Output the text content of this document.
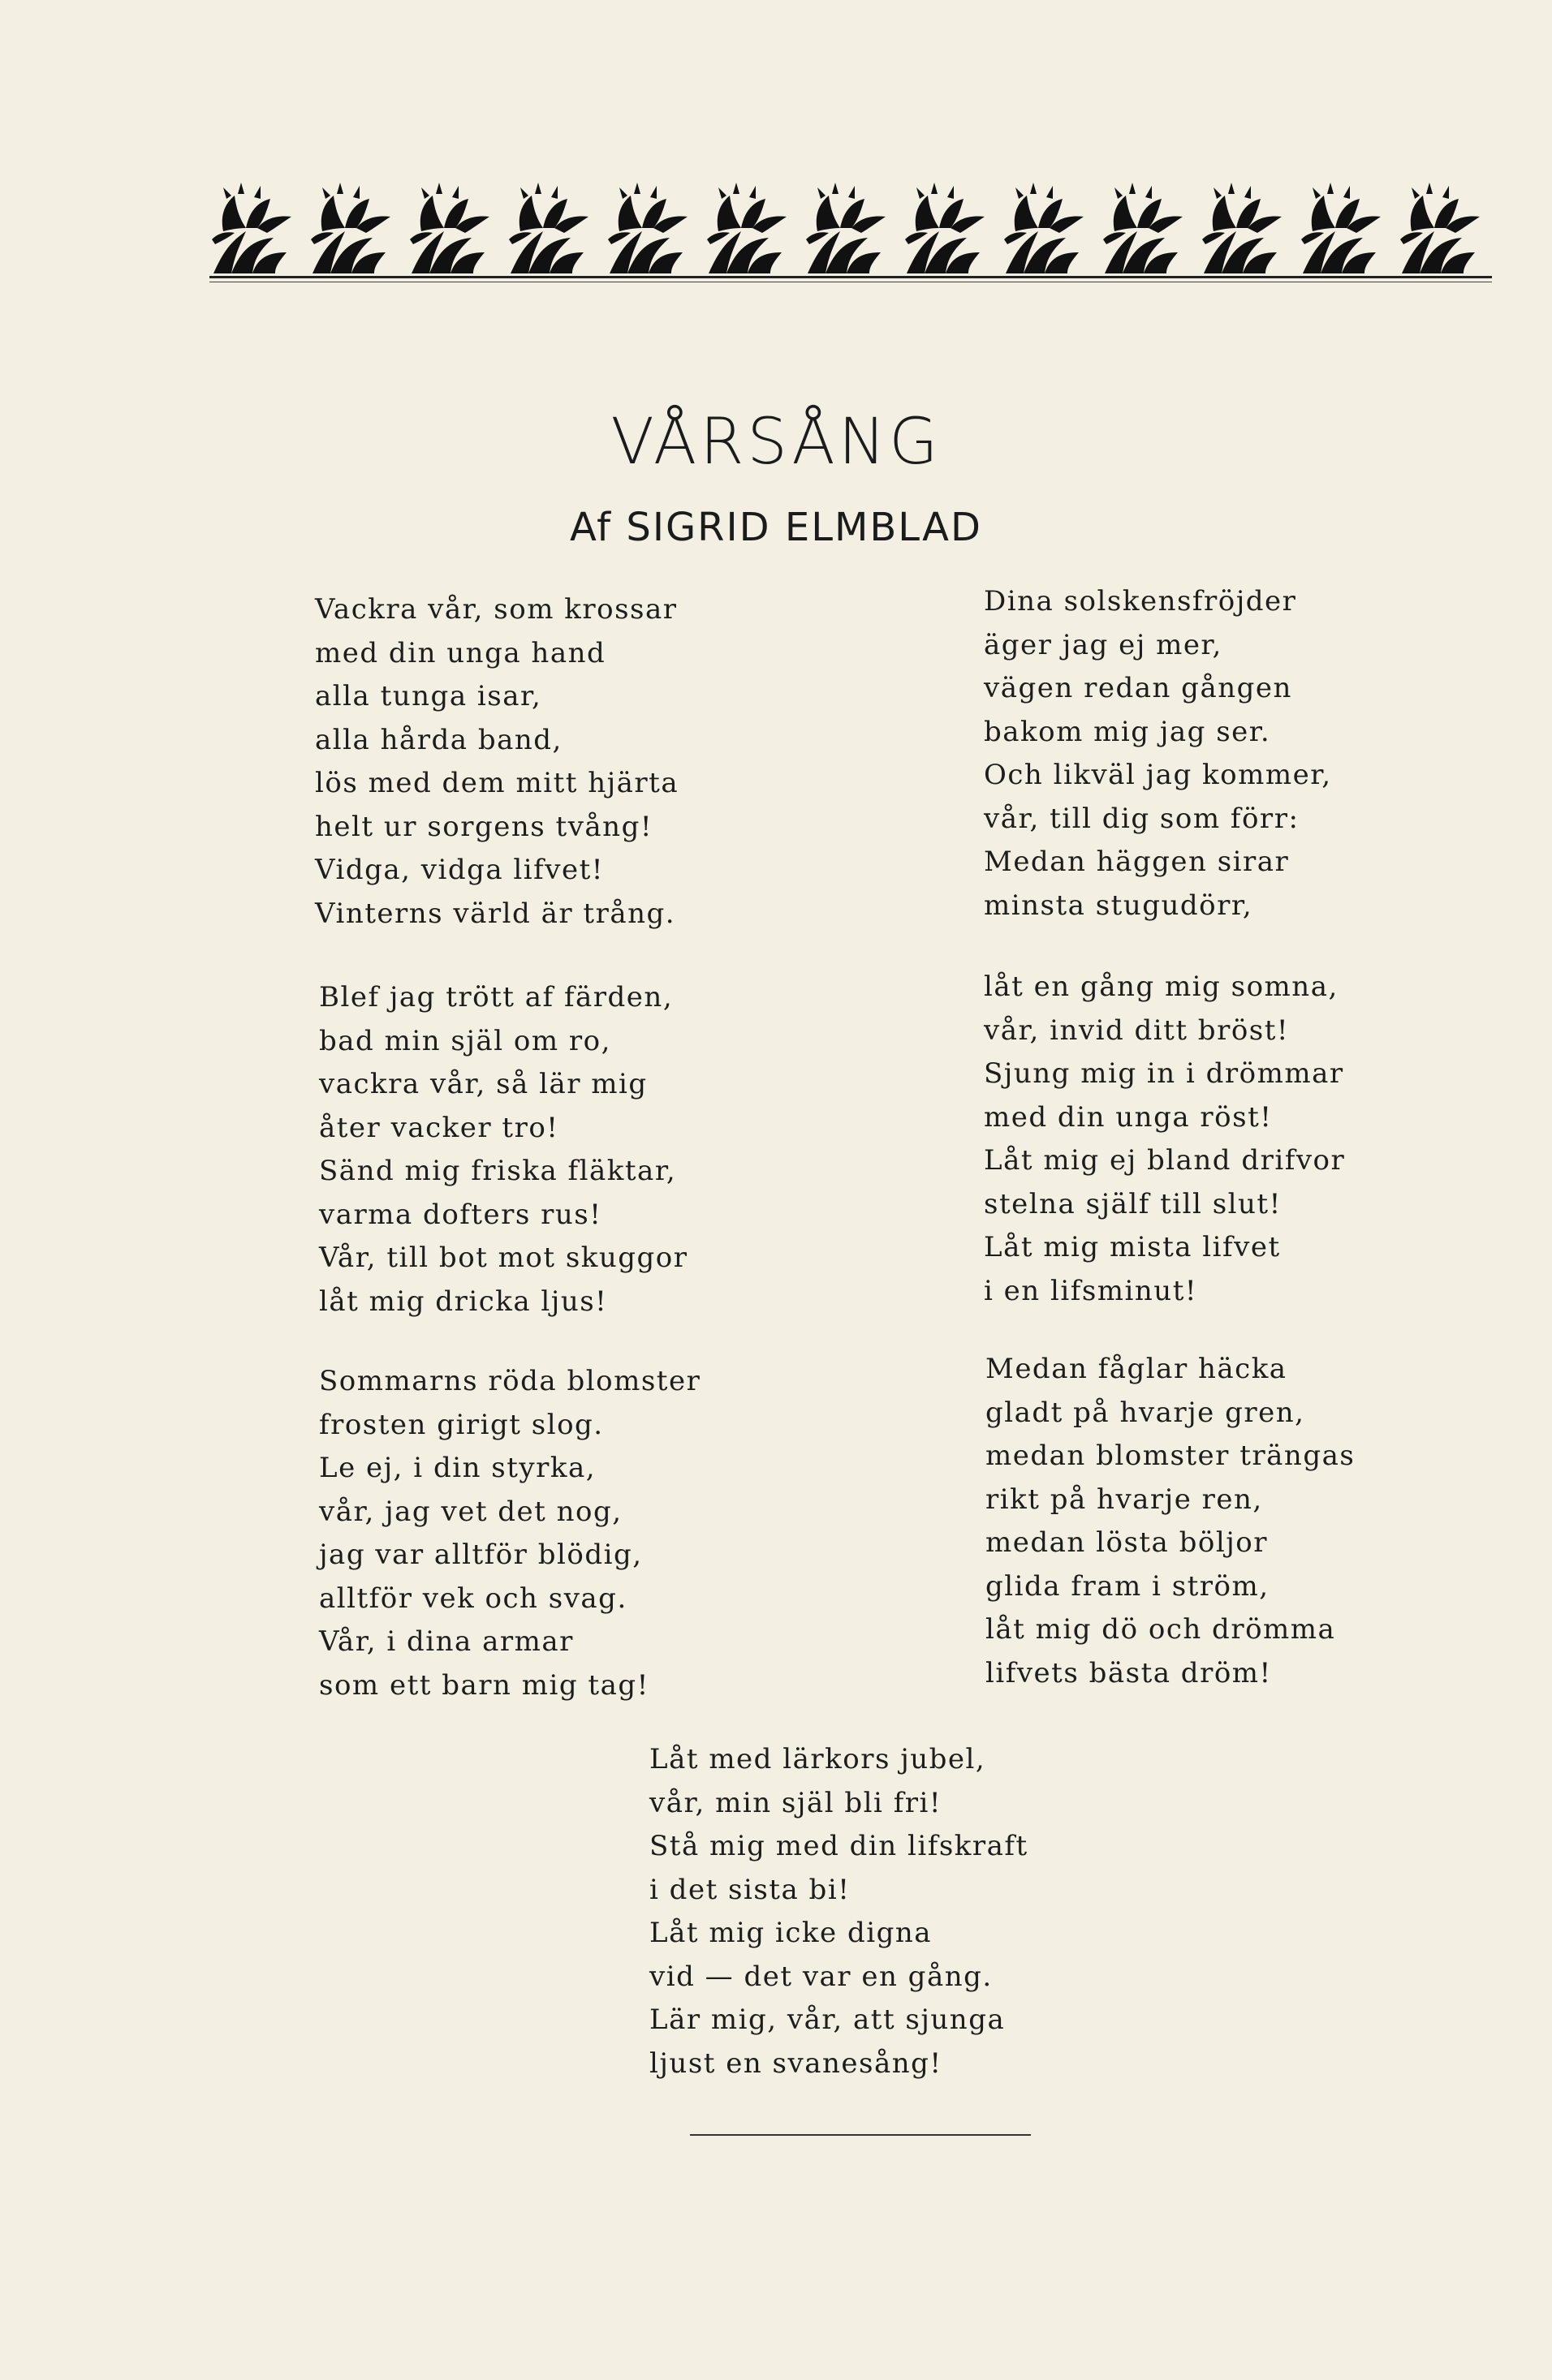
VÅRSÅNG
Af SIGRID ELMBLAD
Vackra vår, som krossar
med din unga hand
alla tunga isar,
alla hårda band,
lös med dem mitt hjärta
helt ur sorgens tvång!
Vidga, vidga lifvet!
Vinterns värld är trång.
Blef jag trött af färden,
bad min själ om ro,
vackra vår, så lär mig
åter vacker tro!
Sänd mig friska fläktar,
varma dofters rus!
Vår, till bot mot skuggor
låt mig dricka ljus!
Sommarns röda blomster
frosten girigt slog.
Le ej, i din styrka,
vår, jag vet det nog,
jag var alltför blödig,
alltför vek och svag.
Vår, i dina armar
som ett barn mig tag!
Dina solskensfröjder
äger jag ej mer,
vägen redan gången
bakom mig jag ser.
Och likväl jag kommer,
vår, till dig som förr:
Medan häggen sirar
minsta stugudörr,
låt en gång mig somna,
vår, invid ditt bröst!
Sjung mig in i drömmar
med din unga röst!
Låt mig ej bland drifvor
stelna själf till slut!
Låt mig mista lifvet
i en lifsminut!
Medan fåglar häcka
gladt på hvarje gren,
medan blomster trängas
rikt på hvarje ren,
medan lösta böljor
glida fram i ström,
låt mig dö och drömma
lifvets bästa dröm!
Låt med lärkors jubel,
vår, min själ bli fri!
Stå mig med din lifskraft
i det sista bi!
Låt mig icke digna
vid — det var en gång.
Lär mig, vår, att sjunga
ljust en svanesång!
